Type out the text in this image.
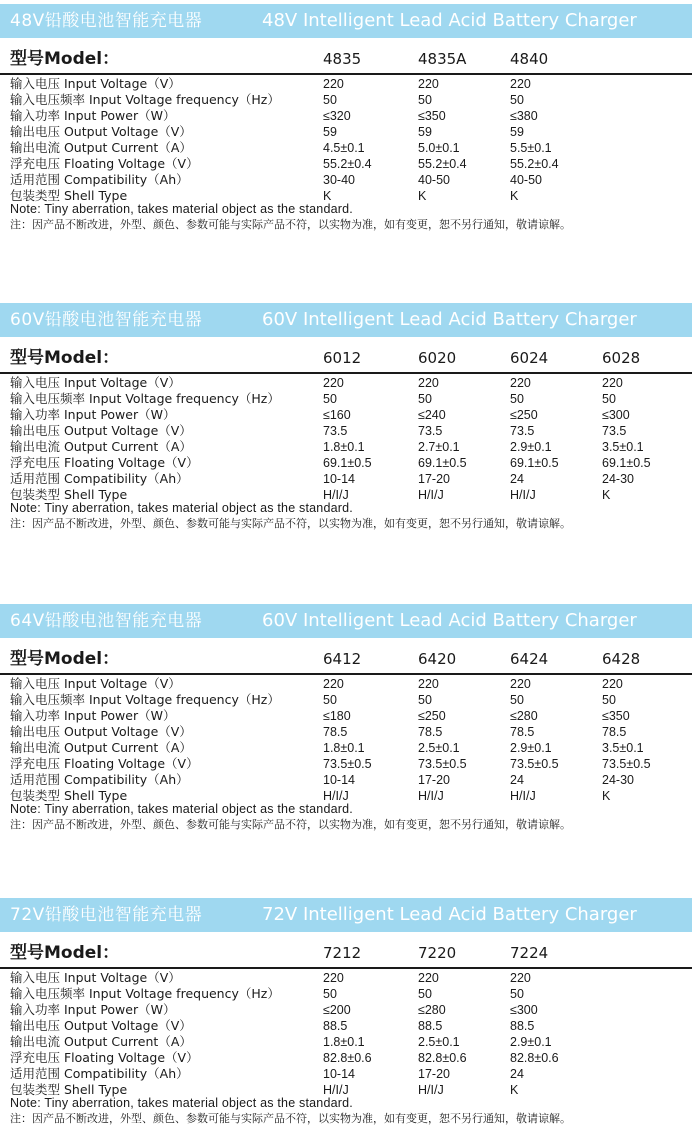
48V铅酸电池智能充电器	48V Intelligent Lead Acid Battery Charger
型号Model：	4835	4835A	4840
输入电压 Input Voltage（V）	220	220	220
输入电压频率 Input Voltage frequency（Hz）	50	50	50
输入功率 Input Power（W）	≤320	≤350	≤380
输出电压 Output Voltage（V）	59	59	59
输出电流 Output Current（A）	4.5±0.1	5.0±0.1	5.5±0.1
浮充电压 Floating Voltage（V）	55.2±0.4	55.2±0.4	55.2±0.4
适用范围 Compatibility（Ah）	30-40	40-50	40-50
包装类型 Shell Type	K	K	K
Note: Tiny aberration, takes material object as the standard.
注：因产品不断改进，外型、颜色、参数可能与实际产品不符，以实物为准，如有变更，恕不另行通知，敬请谅解。
60V铅酸电池智能充电器	60V Intelligent Lead Acid Battery Charger
型号Model：	6012	6020	6024	6028
输入电压 Input Voltage（V）	220	220	220	220
输入电压频率 Input Voltage frequency（Hz）	50	50	50	50
输入功率 Input Power（W）	≤160	≤240	≤250	≤300
输出电压 Output Voltage（V）	73.5	73.5	73.5	73.5
输出电流 Output Current（A）	1.8±0.1	2.7±0.1	2.9±0.1	3.5±0.1
浮充电压 Floating Voltage（V）	69.1±0.5	69.1±0.5	69.1±0.5	69.1±0.5
适用范围 Compatibility（Ah）	10-14	17-20	24	24-30
包装类型 Shell Type	H/I/J	H/I/J	H/I/J	K
Note: Tiny aberration, takes material object as the standard.
注：因产品不断改进，外型、颜色、参数可能与实际产品不符，以实物为准，如有变更，恕不另行通知，敬请谅解。
64V铅酸电池智能充电器	60V Intelligent Lead Acid Battery Charger
型号Model：	6412	6420	6424	6428
输入电压 Input Voltage（V）	220	220	220	220
输入电压频率 Input Voltage frequency（Hz）	50	50	50	50
输入功率 Input Power（W）	≤180	≤250	≤280	≤350
输出电压 Output Voltage（V）	78.5	78.5	78.5	78.5
输出电流 Output Current（A）	1.8±0.1	2.5±0.1	2.9±0.1	3.5±0.1
浮充电压 Floating Voltage（V）	73.5±0.5	73.5±0.5	73.5±0.5	73.5±0.5
适用范围 Compatibility（Ah）	10-14	17-20	24	24-30
包装类型 Shell Type	H/I/J	H/I/J	H/I/J	K
Note: Tiny aberration, takes material object as the standard.
注：因产品不断改进，外型、颜色、参数可能与实际产品不符，以实物为准，如有变更，恕不另行通知，敬请谅解。
72V铅酸电池智能充电器	72V Intelligent Lead Acid Battery Charger
型号Model：	7212	7220	7224
输入电压 Input Voltage（V）	220	220	220
输入电压频率 Input Voltage frequency（Hz）	50	50	50
输入功率 Input Power（W）	≤200	≤280	≤300
输出电压 Output Voltage（V）	88.5	88.5	88.5
输出电流 Output Current（A）	1.8±0.1	2.5±0.1	2.9±0.1
浮充电压 Floating Voltage（V）	82.8±0.6	82.8±0.6	82.8±0.6
适用范围 Compatibility（Ah）	10-14	17-20	24
包装类型 Shell Type	H/I/J	H/I/J	K
Note: Tiny aberration, takes material object as the standard.
注：因产品不断改进，外型、颜色、参数可能与实际产品不符，以实物为准，如有变更，恕不另行通知，敬请谅解。
